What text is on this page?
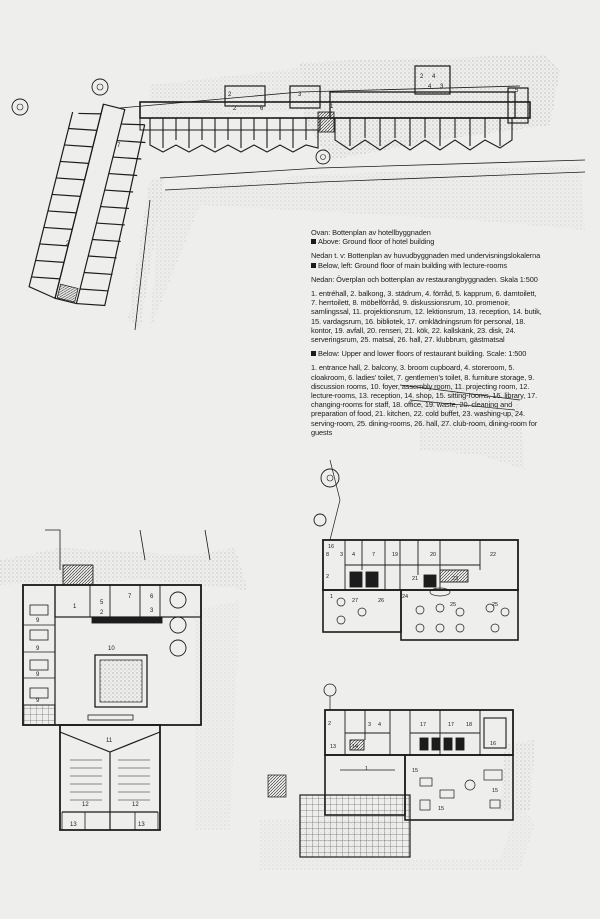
2	3
2
7
6	1
2 4
5
2
3
4
1
5
7	6
2	3
9
9
9
9
10
11
12	12
13	13
1
2
3 4	7
8
9
16
19	20
21
22
23
24
25	25
26
27
1
2	3 4
13	14
15
15
15
16
17	17 18

Ovan: Bottenplan av hotellbyggnaden
Above: Ground floor of hotel building

Nedan t. v: Bottenplan av huvudbyggnaden med undervisningslokalerna
Below, left: Ground floor of main building with lecture-rooms

Nedan: Överplan och bottenplan av restaurangbyggnaden. Skala 1:500

1. entréhall, 2. balkong, 3. städrum, 4. förråd, 5. kapprum, 6. damtoilett, 7. herrtoilett, 8. möbelförråd, 9. diskussionsrum, 10. promenoir, samlingssal, 11. projektionsrum, 12. lektionsrum, 13. reception, 14. butik, 15. vardagsrum, 16. bibliotek, 17. omklädningsrum för personal, 18. kontor, 19. avfall, 20. renseri, 21. kök, 22. kallskänk, 23. disk, 24. serveringsrum, 25. matsal, 26. hall, 27. klubbrum, gästmatsal

Below: Upper and lower floors of restaurant building. Scale: 1:500

1. entrance hall, 2. balcony, 3. broom cupboard, 4. storeroom, 5. cloakroom, 6. ladies' toilet, 7. gentlemen's toilet, 8. furniture storage, 9. discussion rooms, 10. foyer, assembly room, 11. projecting room, 12. lecture-rooms, 13. reception, 14. shop, 15. sitting-rooms, 16. library, 17. changing-rooms for staff, 18. office, 19. waste, 20. cleaning and preparation of food, 21. kitchen, 22. cold buffet, 23. washing-up, 24. serving-room, 25. dining-rooms, 26. hall, 27. club-room, dining-room for guests
